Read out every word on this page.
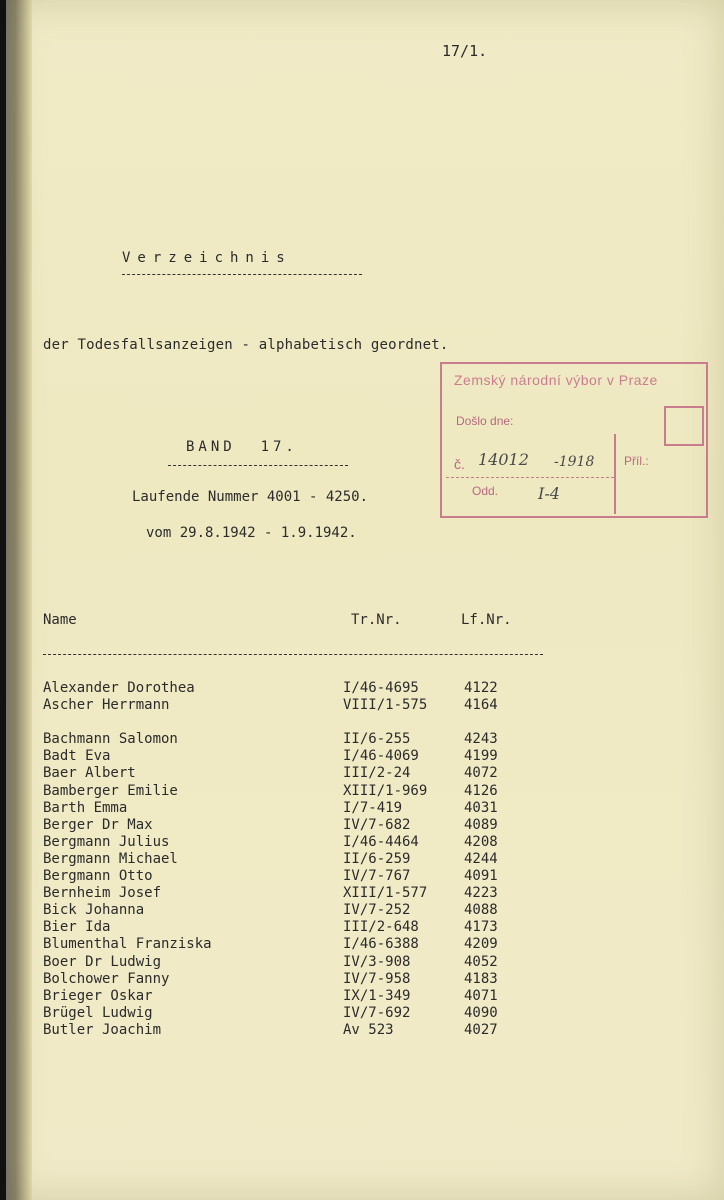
17/1.
Verzeichnis
der Todesfallsanzeigen - alphabetisch geordnet.
BAND  17.
Laufende Nummer 4001 - 4250.
vom 29.8.1942 - 1.9.1942.
Zemský národní výbor v Praze
Došlo dne:
č. 14012 -1918
Odd. I-4
Příl.:
Name	Tr.Nr.	Lf.Nr.
Alexander Dorothea	I/46-4695	4122
Ascher Herrmann	VIII/1-575	4164
Bachmann Salomon	II/6-255	4243
Badt Eva	I/46-4069	4199
Baer Albert	III/2-24	4072
Bamberger Emilie	XIII/1-969	4126
Barth Emma	I/7-419	4031
Berger Dr Max	IV/7-682	4089
Bergmann Julius	I/46-4464	4208
Bergmann Michael	II/6-259	4244
Bergmann Otto	IV/7-767	4091
Bernheim Josef	XIII/1-577	4223
Bick Johanna	IV/7-252	4088
Bier Ida	III/2-648	4173
Blumenthal Franziska	I/46-6388	4209
Boer Dr Ludwig	IV/3-908	4052
Bolchower Fanny	IV/7-958	4183
Brieger Oskar	IX/1-349	4071
Brügel Ludwig	IV/7-692	4090
Butler Joachim	Av 523	4027
